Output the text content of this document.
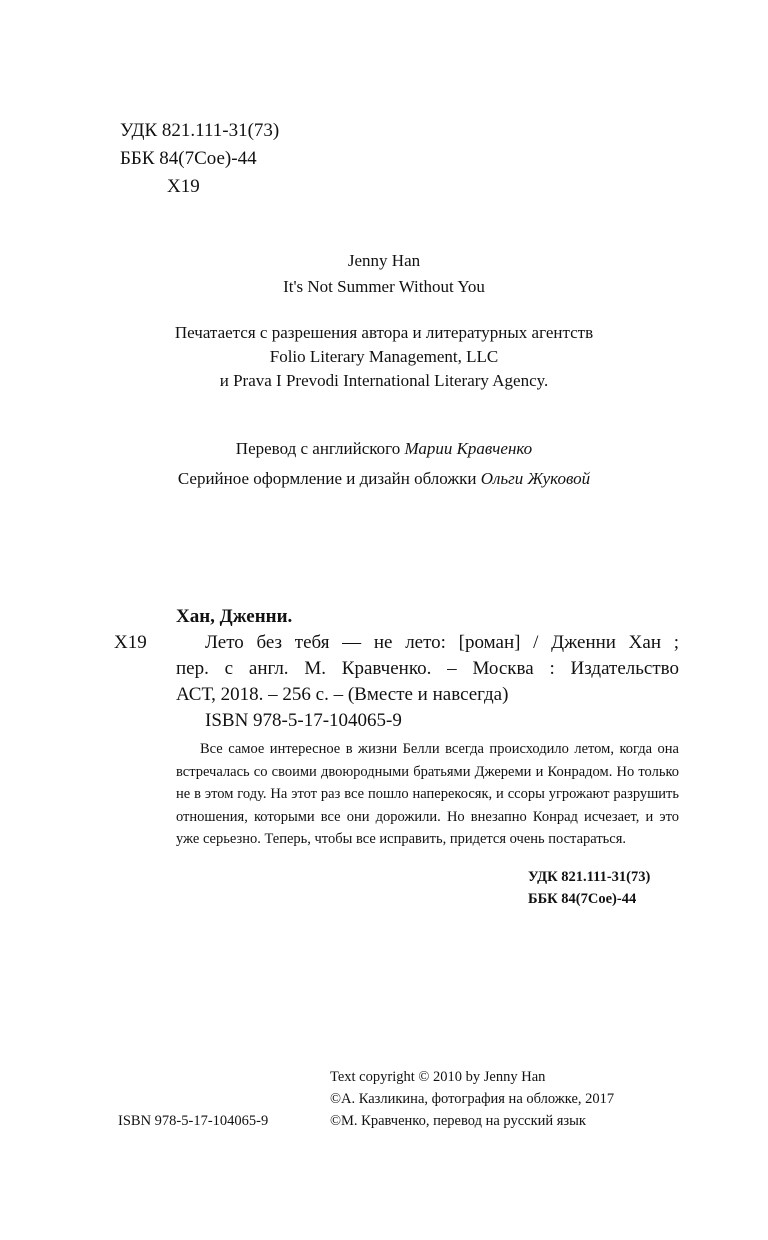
УДК 821.111-31(73)
ББК 84(7Сое)-44
Х19
Jenny Han
It's Not Summer Without You
Печатается с разрешения автора и литературных агентств
Folio Literary Management, LLC
и Prava I Prevodi International Literary Agency.
Перевод с английского Марии Кравченко
Серийное оформление и дизайн обложки Ольги Жуковой
Хан, Дженни.
Х19	Лето без тебя — не лето: [роман] / Дженни Хан ;
пер. с англ. М. Кравченко. – Москва : Издательство
АСТ, 2018. – 256 с. – (Вместе и навсегда)
ISBN 978-5-17-104065-9
Все самое интересное в жизни Белли всегда происходило летом, когда она встречалась со своими двоюродными братьями Джереми и Конрадом. Но только не в этом году. На этот раз все пошло наперекосяк, и ссоры угрожают разрушить отношения, которыми все они дорожили. Но внезапно Конрад исчезает, и это уже серьезно. Теперь, чтобы все исправить, придется очень постараться.
УДК 821.111-31(73)
ББК 84(7Сое)-44
Text copyright © 2010 by Jenny Han
©А. Казликина, фотография на обложке, 2017
©М. Кравченко, перевод на русский язык
ISBN 978-5-17-104065-9
